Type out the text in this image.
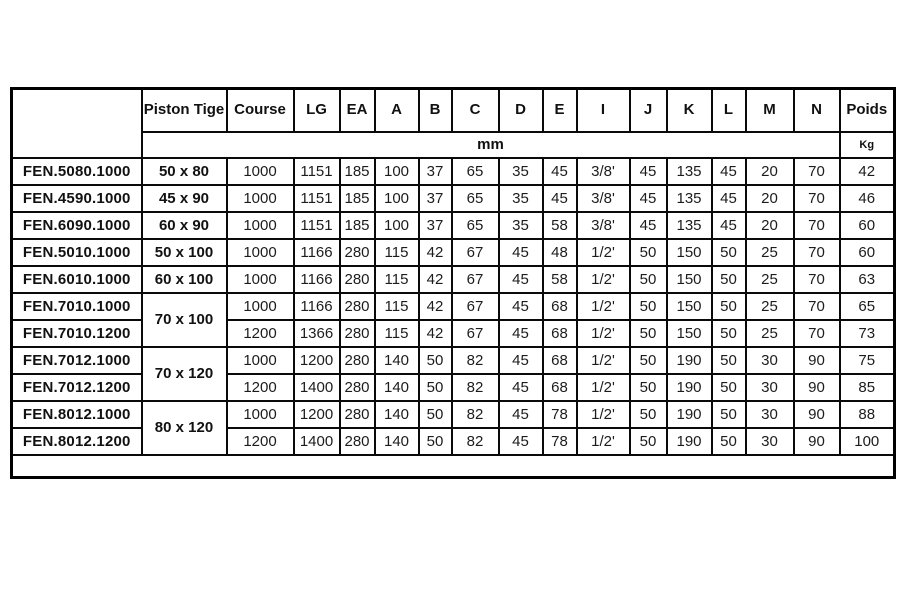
	Piston Tige	Course	LG	EA	A	B	C	D	E	I	J	K	L	M	N	Poids
	mm															Kg
FEN.5080.1000	50 x 80	1000	1151	185	100	37	65	35	45	3/8'	45	135	45	20	70	42
FEN.4590.1000	45 x 90	1000	1151	185	100	37	65	35	45	3/8'	45	135	45	20	70	46
FEN.6090.1000	60 x 90	1000	1151	185	100	37	65	35	58	3/8'	45	135	45	20	70	60
FEN.5010.1000	50 x 100	1000	1166	280	115	42	67	45	48	1/2'	50	150	50	25	70	60
FEN.6010.1000	60 x 100	1000	1166	280	115	42	67	45	58	1/2'	50	150	50	25	70	63
FEN.7010.1000	70 x 100	1000	1166	280	115	42	67	45	68	1/2'	50	150	50	25	70	65
FEN.7010.1200		1200	1366	280	115	42	67	45	68	1/2'	50	150	50	25	70	73
FEN.7012.1000	70 x 120	1000	1200	280	140	50	82	45	68	1/2'	50	190	50	30	90	75
FEN.7012.1200		1200	1400	280	140	50	82	45	68	1/2'	50	190	50	30	90	85
FEN.8012.1000	80 x 120	1000	1200	280	140	50	82	45	78	1/2'	50	190	50	30	90	88
FEN.8012.1200		1200	1400	280	140	50	82	45	78	1/2'	50	190	50	30	90	100
